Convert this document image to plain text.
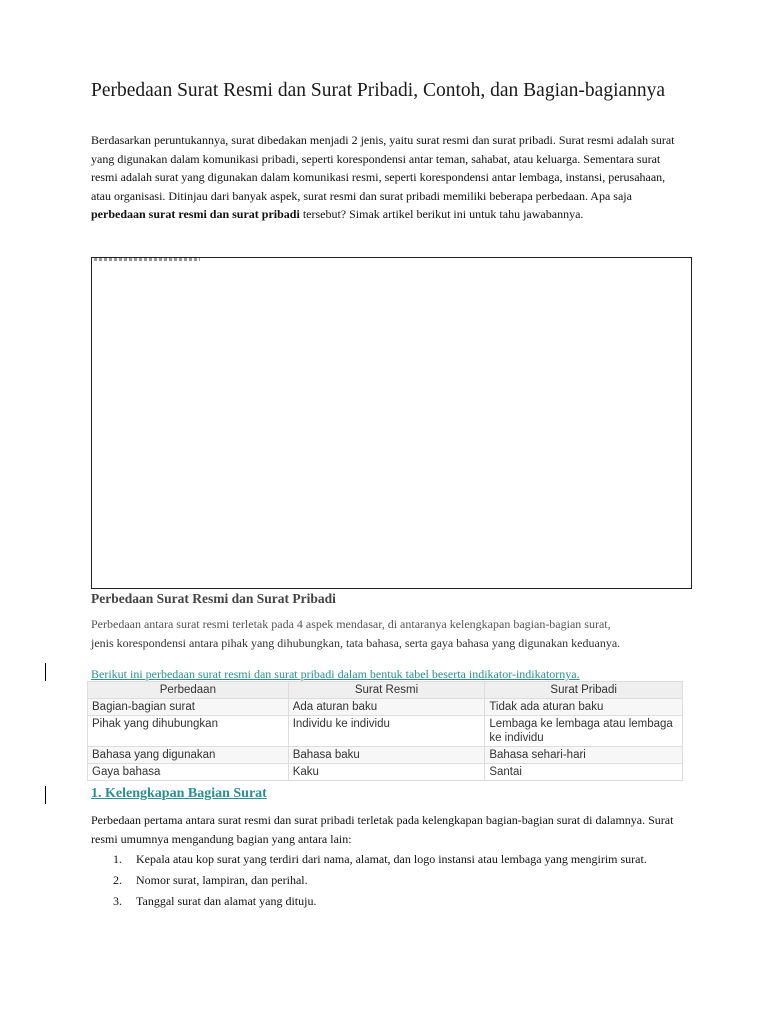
Perbedaan Surat Resmi dan Surat Pribadi, Contoh, dan Bagian-bagiannya

Berdasarkan peruntukannya, surat dibedakan menjadi 2 jenis, yaitu surat resmi dan surat pribadi. Surat resmi adalah surat yang digunakan dalam komunikasi pribadi, seperti korespondensi antar teman, sahabat, atau keluarga. Sementara surat resmi adalah surat yang digunakan dalam komunikasi resmi, seperti korespondensi antar lembaga, instansi, perusahaan, atau organisasi. Ditinjau dari banyak aspek, surat resmi dan surat pribadi memiliki beberapa perbedaan. Apa saja perbedaan surat resmi dan surat pribadi tersebut? Simak artikel berikut ini untuk tahu jawabannya.

Perbedaan Surat Resmi dan Surat Pribadi
Perbedaan antara surat resmi terletak pada 4 aspek mendasar, di antaranya kelengkapan bagian-bagian surat,
jenis korespondensi antara pihak yang dihubungkan, tata bahasa, serta gaya bahasa yang digunakan keduanya.

Berikut ini perbedaan surat resmi dan surat pribadi dalam bentuk tabel beserta indikator-indikatornya.

Perbedaan	Surat Resmi	Surat Pribadi
Bagian-bagian surat	Ada aturan baku	Tidak ada aturan baku
Pihak yang dihubungkan	Individu ke individu	Lembaga ke lembaga atau lembaga ke individu
Bahasa yang digunakan	Bahasa baku	Bahasa sehari-hari
Gaya bahasa	Kaku	Santai
1. Kelengkapan Bagian Surat

Perbedaan pertama antara surat resmi dan surat pribadi terletak pada kelengkapan bagian-bagian surat di dalamnya. Surat resmi umumnya mengandung bagian yang antara lain:

1. Kepala atau kop surat yang terdiri dari nama, alamat, dan logo instansi atau lembaga yang mengirim surat.
2. Nomor surat, lampiran, dan perihal.
3. Tanggal surat dan alamat yang dituju.
